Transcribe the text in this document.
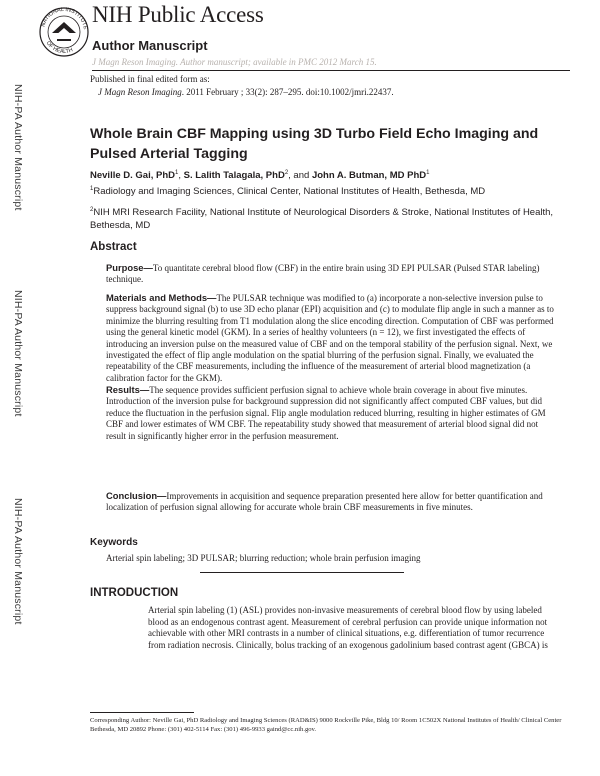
NATIONAL INSTITUTE
OF HEALTH
NIH Public Access
Author Manuscript
J Magn Reson Imaging. Author manuscript; available in PMC 2012 March 15.
NIH-PA Author Manuscript
NIH-PA Author Manuscript
NIH-PA Author Manuscript
Published in final edited form as:
J Magn Reson Imaging. 2011 February ; 33(2): 287–295. doi:10.1002/jmri.22437.
Whole Brain CBF Mapping using 3D Turbo Field Echo Imaging and Pulsed Arterial Tagging
Neville D. Gai, PhD$^1$, S. Lalith Talagala, PhD$^2$, and John A. Butman, MD PhD$^1$
$^1$Radiology and Imaging Sciences, Clinical Center, National Institutes of Health, Bethesda, MD
$^2$NIH MRI Research Facility, National Institute of Neurological Disorders & Stroke, National Institutes of Health, Bethesda, MD
Abstract
Purpose—To quantitate cerebral blood flow (CBF) in the entire brain using 3D EPI PULSAR (Pulsed STAR labeling) technique.
Materials and Methods—The PULSAR technique was modified to (a) incorporate a non-selective inversion pulse to suppress background signal (b) to use 3D echo planar (EPI) acquisition and (c) to modulate flip angle in such a manner as to minimize the blurring resulting from T1 modulation along the slice encoding direction. Computation of CBF was performed using the general kinetic model (GKM). In a series of healthy volunteers (n = 12), we first investigated the effects of introducing an inversion pulse on the measured value of CBF and on the temporal stability of the perfusion signal. Next, we investigated the effect of flip angle modulation on the spatial blurring of the perfusion signal. Finally, we evaluated the repeatability of the CBF measurements, including the influence of the measurement of arterial blood magnetization (a calibration factor for the GKM).
Results—The sequence provides sufficient perfusion signal to achieve whole brain coverage in about five minutes. Introduction of the inversion pulse for background suppression did not significantly affect computed CBF values, but did reduce the fluctuation in the perfusion signal. Flip angle modulation reduced blurring, resulting in higher estimates of GM CBF and lower estimates of WM CBF. The repeatability study showed that measurement of arterial blood signal did not result in significantly higher error in the perfusion measurement.
Conclusion—Improvements in acquisition and sequence preparation presented here allow for better quantification and localization of perfusion signal allowing for accurate whole brain CBF measurements in five minutes.
Keywords
Arterial spin labeling; 3D PULSAR; blurring reduction; whole brain perfusion imaging
INTRODUCTION
Arterial spin labeling (1) (ASL) provides non-invasive measurements of cerebral blood flow by using labeled blood as an endogenous contrast agent. Measurement of cerebral perfusion can provide unique information not achievable with other MRI contrasts in a number of clinical situations, e.g. differentiation of tumor recurrence from radiation necrosis. Clinically, bolus tracking of an exogenous gadolinium based contrast agent (GBCA) is
Corresponding Author: Neville Gai, PhD Radiology and Imaging Sciences (RAD&IS) 9000 Rockville Pike, Bldg 10/ Room 1C502X National Institutes of Health/ Clinical Center Bethesda, MD 20892 Phone: (301) 402-5114 Fax: (301) 496-9933 gaind@cc.nih.gov.
